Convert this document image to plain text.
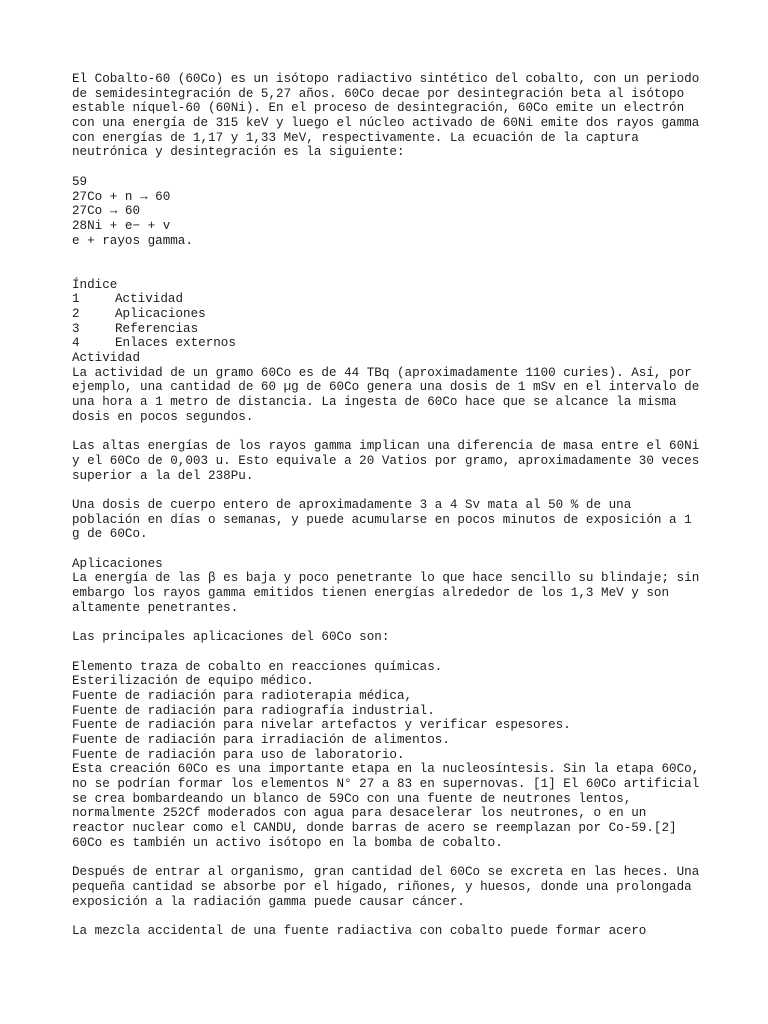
El Cobalto-60 (60Co) es un isótopo radiactivo sintético del cobalto, con un periodo
de semidesintegración de 5,27 años. 60Co decae por desintegración beta al isótopo
estable níquel-60 (60Ni). En el proceso de desintegración, 60Co emite un electrón
con una energía de 315 keV y luego el núcleo activado de 60Ni emite dos rayos gamma
con energías de 1,17 y 1,33 MeV, respectivamente. La ecuación de la captura
neutrónica y desintegración es la siguiente:
59
27Co + n → 60
27Co → 60
28Ni + e− + v
e + rayos gamma.
Índice
1	Actividad
2	Aplicaciones
3	Referencias
4	Enlaces externos
Actividad
La actividad de un gramo 60Co es de 44 TBq (aproximadamente 1100 curies). Así, por
ejemplo, una cantidad de 60 µg de 60Co genera una dosis de 1 mSv en el intervalo de
una hora a 1 metro de distancia. La ingesta de 60Co hace que se alcance la misma
dosis en pocos segundos.
Las altas energías de los rayos gamma implican una diferencia de masa entre el 60Ni
y el 60Co de 0,003 u. Esto equivale a 20 Vatios por gramo, aproximadamente 30 veces
superior a la del 238Pu.
Una dosis de cuerpo entero de aproximadamente 3 a 4 Sv mata al 50 % de una
población en días o semanas, y puede acumularse en pocos minutos de exposición a 1
g de 60Co.
Aplicaciones
La energía de las β es baja y poco penetrante lo que hace sencillo su blindaje; sin
embargo los rayos gamma emitidos tienen energías alrededor de los 1,3 MeV y son
altamente penetrantes.
Las principales aplicaciones del 60Co son:
Elemento traza de cobalto en reacciones químicas.
Esterilización de equipo médico.
Fuente de radiación para radioterapia médica,
Fuente de radiación para radiografía industrial.
Fuente de radiación para nivelar artefactos y verificar espesores.
Fuente de radiación para irradiación de alimentos.
Fuente de radiación para uso de laboratorio.
Esta creación 60Co es una importante etapa en la nucleosíntesis. Sin la etapa 60Co,
no se podrían formar los elementos N° 27 a 83 en supernovas. [1] El 60Co artificial
se crea bombardeando un blanco de 59Co con una fuente de neutrones lentos,
normalmente 252Cf moderados con agua para desacelerar los neutrones, o en un
reactor nuclear como el CANDU, donde barras de acero se reemplazan por Co-59.[2]
60Co es también un activo isótopo en la bomba de cobalto.
Después de entrar al organismo, gran cantidad del 60Co se excreta en las heces. Una
pequeña cantidad se absorbe por el hígado, riñones, y huesos, donde una prolongada
exposición a la radiación gamma puede causar cáncer.
La mezcla accidental de una fuente radiactiva con cobalto puede formar acero
